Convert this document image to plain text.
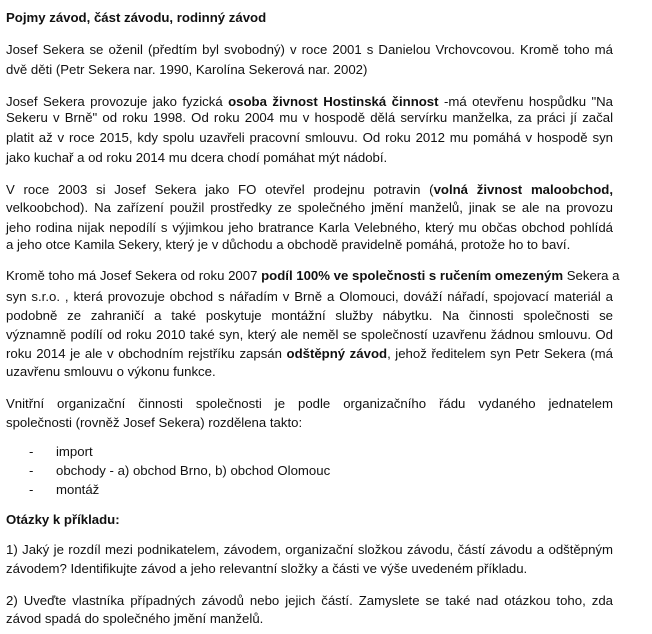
Pojmy závod, část závodu, rodinný závod
Josef Sekera se oženil (předtím byl svobodný) v roce 2001 s Danielou Vrchovcovou. Kromě toho má
dvě děti (Petr Sekera nar. 1990, Karolína Sekerová nar. 2002)
Josef Sekera provozuje jako fyzická osoba živnost Hostinská činnost -má otevřenu hospůdku "Na
Sekeru v Brně" od roku 1998. Od roku 2004 mu v hospodě dělá servírku manželka, za práci jí začal
platit až v roce 2015, kdy spolu uzavřeli pracovní smlouvu. Od roku 2012 mu pomáhá v hospodě syn
jako kuchař a od roku 2014 mu dcera chodí pomáhat mýt nádobí.
V roce 2003 si Josef Sekera jako FO otevřel prodejnu potravin (volná živnost maloobchod,
velkoobchod). Na zařízení použil prostředky ze společného jmění manželů, jinak se ale na provozu
jeho rodina nijak nepodílí s výjimkou jeho bratrance Karla Velebného, který mu občas obchod pohlídá
a jeho otce Kamila Sekery, který je v důchodu a obchodě pravidelně pomáhá, protože ho to baví.
Kromě toho má Josef Sekera od roku 2007 podíl 100% ve společnosti s ručením omezeným Sekera a
syn s.r.o. , která provozuje obchod s nářadím v Brně a Olomouci, dováží nářadí, spojovací materiál a
podobně ze zahraničí a také poskytuje montážní služby nábytku. Na činnosti společnosti se
významně podílí od roku 2010 také syn, který ale neměl se společností uzavřenu žádnou smlouvu. Od
roku 2014 je ale v obchodním rejstříku zapsán odštěpný závod, jehož ředitelem syn Petr Sekera (má
uzavřenu smlouvu o výkonu funkce.
Vnitřní organizační činnosti společnosti je podle organizačního řádu vydaného jednatelem
společnosti (rovněž Josef Sekera) rozdělena takto:
- import
- obchody - a) obchod Brno, b) obchod Olomouc
- montáž
Otázky k příkladu:
1) Jaký je rozdíl mezi podnikatelem, závodem, organizační složkou závodu, částí závodu a odštěpným
závodem? Identifikujte závod a jeho relevantní složky a části ve výše uvedeném příkladu.
2) Uveďte vlastníka případných závodů nebo jejich částí. Zamyslete se také nad otázkou toho, zda
závod spadá do společného jmění manželů.
